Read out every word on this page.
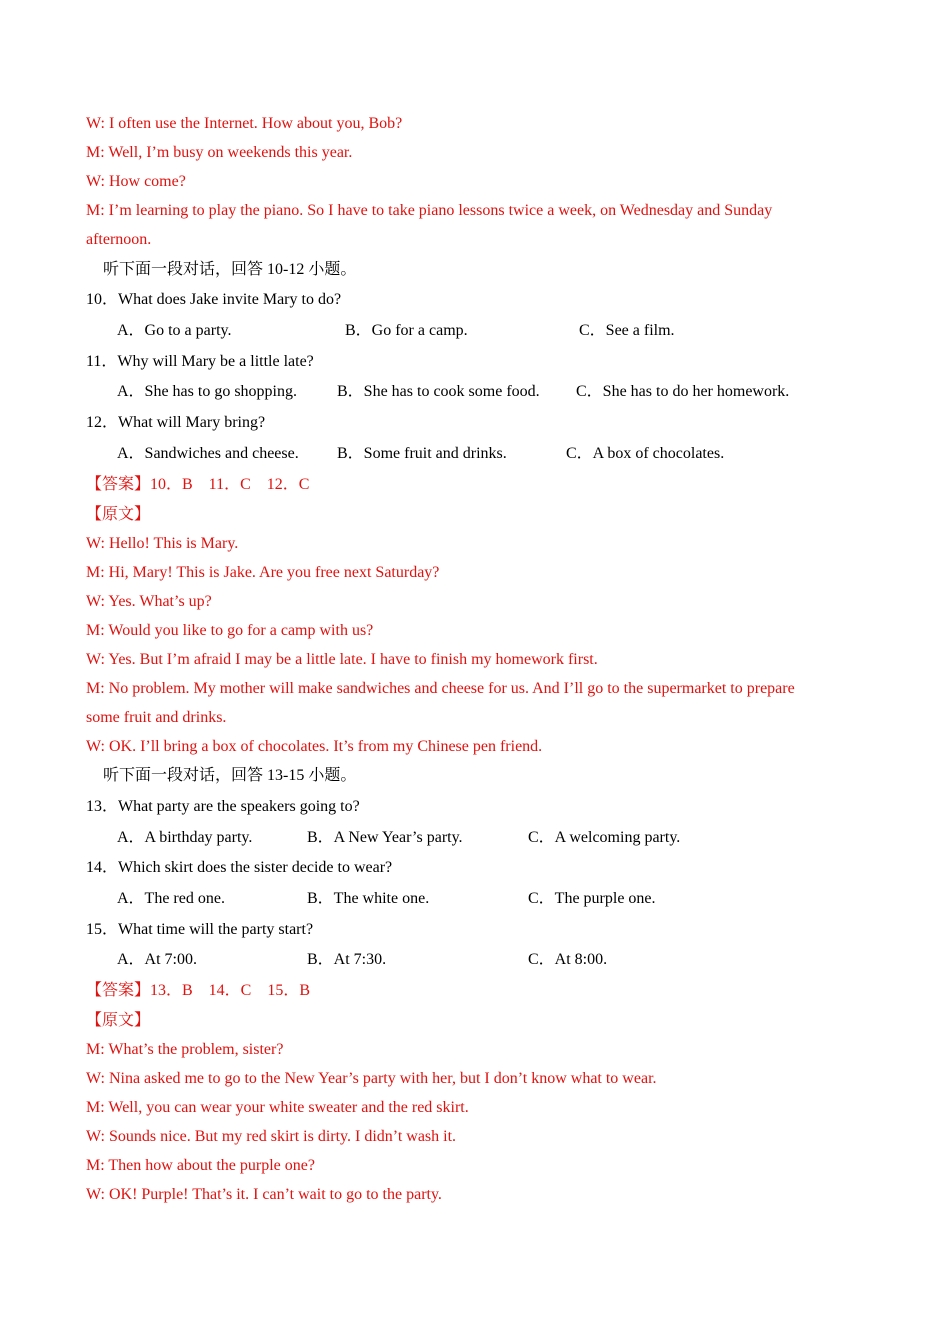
W: I often use the Internet. How about you, Bob?
M: Well, I’m busy on weekends this year.
W: How come?
M: I’m learning to play the piano. So I have to take piano lessons twice a week, on Wednesday and Sunday
afternoon.
听下面一段对话，回答 10-12 小题。
10．What does Jake invite Mary to do?
A．Go to a party.	B．Go for a camp.	C．See a film.
11．Why will Mary be a little late?
A．She has to go shopping. B．She has to cook some food. C．She has to do her homework.
12．What will Mary bring?
A．Sandwiches and cheese. B．Some fruit and drinks.	C．A box of chocolates.
【答案】10．B　11．C　12．C
【原文】
W: Hello! This is Mary.
M: Hi, Mary! This is Jake. Are you free next Saturday?
W: Yes. What’s up?
M: Would you like to go for a camp with us?
W: Yes. But I’m afraid I may be a little late. I have to finish my homework first.
M: No problem. My mother will make sandwiches and cheese for us. And I’ll go to the supermarket to prepare
some fruit and drinks.
W: OK. I’ll bring a box of chocolates. It’s from my Chinese pen friend.
听下面一段对话，回答 13-15 小题。
13．What party are the speakers going to?
A．A birthday party.	B．A New Year’s party.	C．A welcoming party.
14．Which skirt does the sister decide to wear?
A．The red one.	B．The white one.	C．The purple one.
15．What time will the party start?
A．At 7:00.	B．At 7:30.	C．At 8:00.
【答案】13．B　14．C　15．B
【原文】
M: What’s the problem, sister?
W: Nina asked me to go to the New Year’s party with her, but I don’t know what to wear.
M: Well, you can wear your white sweater and the red skirt.
W: Sounds nice. But my red skirt is dirty. I didn’t wash it.
M: Then how about the purple one?
W: OK! Purple! That’s it. I can’t wait to go to the party.
